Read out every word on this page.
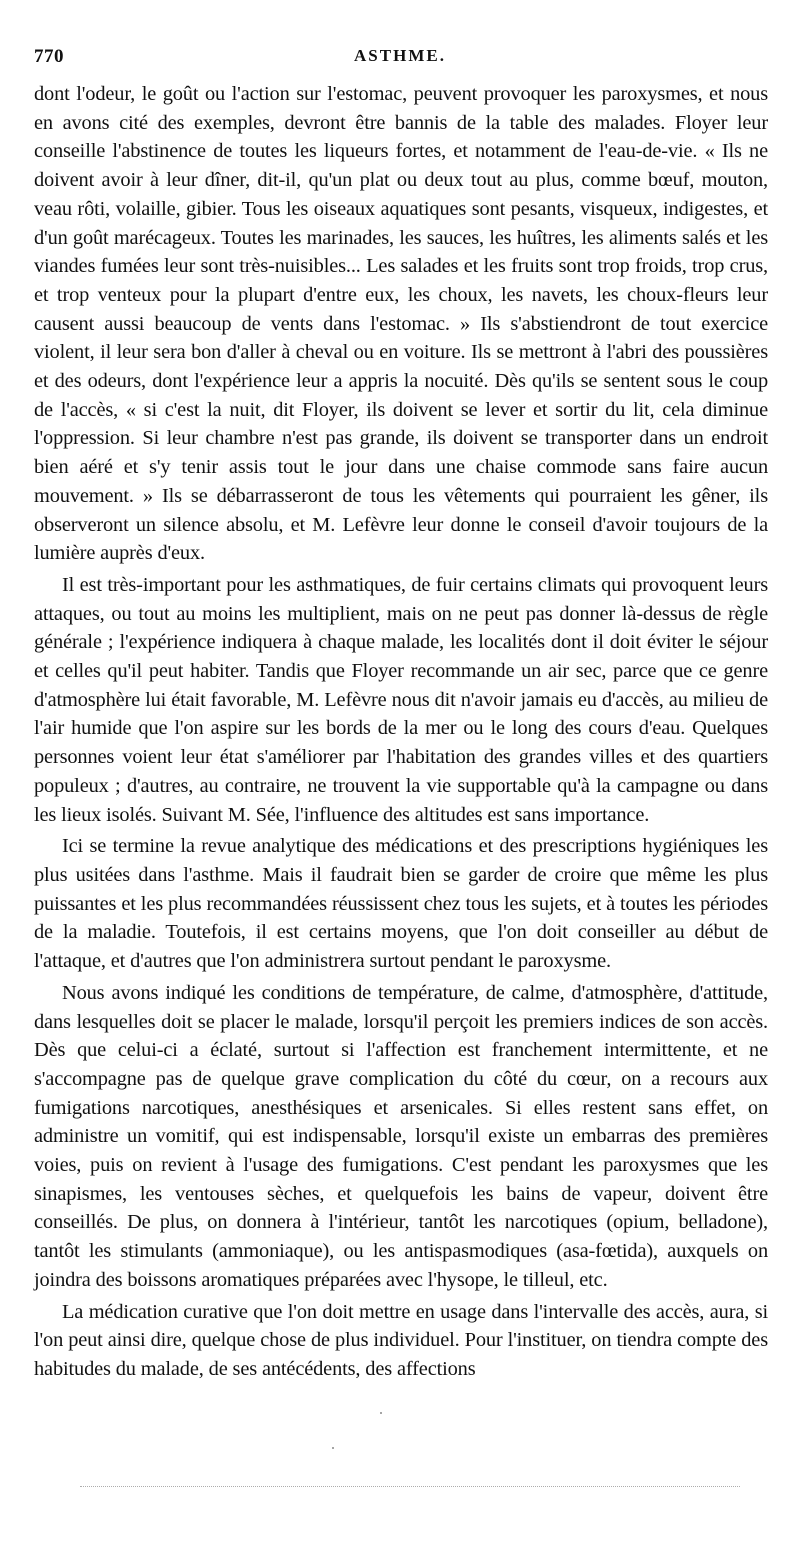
770	ASTHME.

dont l'odeur, le goût ou l'action sur l'estomac, peuvent provoquer les paroxysmes, et nous en avons cité des exemples, devront être bannis de la table des malades. Floyer leur conseille l'abstinence de toutes les liqueurs fortes, et notamment de l'eau-de-vie. « Ils ne doivent avoir à leur dîner, dit-il, qu'un plat ou deux tout au plus, comme bœuf, mouton, veau rôti, volaille, gibier. Tous les oiseaux aquatiques sont pesants, visqueux, indigestes, et d'un goût marécageux. Toutes les marinades, les sauces, les huîtres, les aliments salés et les viandes fumées leur sont très-nuisibles... Les salades et les fruits sont trop froids, trop crus, et trop venteux pour la plupart d'entre eux, les choux, les navets, les choux-fleurs leur causent aussi beaucoup de vents dans l'estomac. » Ils s'abstiendront de tout exercice violent, il leur sera bon d'aller à cheval ou en voiture. Ils se mettront à l'abri des poussières et des odeurs, dont l'expérience leur a appris la nocuité. Dès qu'ils se sentent sous le coup de l'accès, « si c'est la nuit, dit Floyer, ils doivent se lever et sortir du lit, cela diminue l'oppression. Si leur chambre n'est pas grande, ils doivent se transporter dans un endroit bien aéré et s'y tenir assis tout le jour dans une chaise commode sans faire aucun mouvement. » Ils se débarrasseront de tous les vêtements qui pourraient les gêner, ils observeront un silence absolu, et M. Lefèvre leur donne le conseil d'avoir toujours de la lumière auprès d'eux.

Il est très-important pour les asthmatiques, de fuir certains climats qui provoquent leurs attaques, ou tout au moins les multiplient, mais on ne peut pas donner là-dessus de règle générale ; l'expérience indiquera à chaque malade, les localités dont il doit éviter le séjour et celles qu'il peut habiter. Tandis que Floyer recommande un air sec, parce que ce genre d'atmosphère lui était favorable, M. Lefèvre nous dit n'avoir jamais eu d'accès, au milieu de l'air humide que l'on aspire sur les bords de la mer ou le long des cours d'eau. Quelques personnes voient leur état s'améliorer par l'habitation des grandes villes et des quartiers populeux ; d'autres, au contraire, ne trouvent la vie supportable qu'à la campagne ou dans les lieux isolés. Suivant M. Sée, l'influence des altitudes est sans importance.

Ici se termine la revue analytique des médications et des prescriptions hygiéniques les plus usitées dans l'asthme. Mais il faudrait bien se garder de croire que même les plus puissantes et les plus recommandées réussissent chez tous les sujets, et à toutes les périodes de la maladie. Toutefois, il est certains moyens, que l'on doit conseiller au début de l'attaque, et d'autres que l'on administrera surtout pendant le paroxysme.

Nous avons indiqué les conditions de température, de calme, d'atmosphère, d'attitude, dans lesquelles doit se placer le malade, lorsqu'il perçoit les premiers indices de son accès. Dès que celui-ci a éclaté, surtout si l'affection est franchement intermittente, et ne s'accompagne pas de quelque grave complication du côté du cœur, on a recours aux fumigations narcotiques, anesthésiques et arsenicales. Si elles restent sans effet, on administre un vomitif, qui est indispensable, lorsqu'il existe un embarras des premières voies, puis on revient à l'usage des fumigations. C'est pendant les paroxysmes que les sinapismes, les ventouses sèches, et quelquefois les bains de vapeur, doivent être conseillés. De plus, on donnera à l'intérieur, tantôt les narcotiques (opium, belladone), tantôt les stimulants (ammoniaque), ou les antispasmodiques (asa-fœtida), auxquels on joindra des boissons aromatiques préparées avec l'hysope, le tilleul, etc.

La médication curative que l'on doit mettre en usage dans l'intervalle des accès, aura, si l'on peut ainsi dire, quelque chose de plus individuel. Pour l'instituer, on tiendra compte des habitudes du malade, de ses antécédents, des affections
